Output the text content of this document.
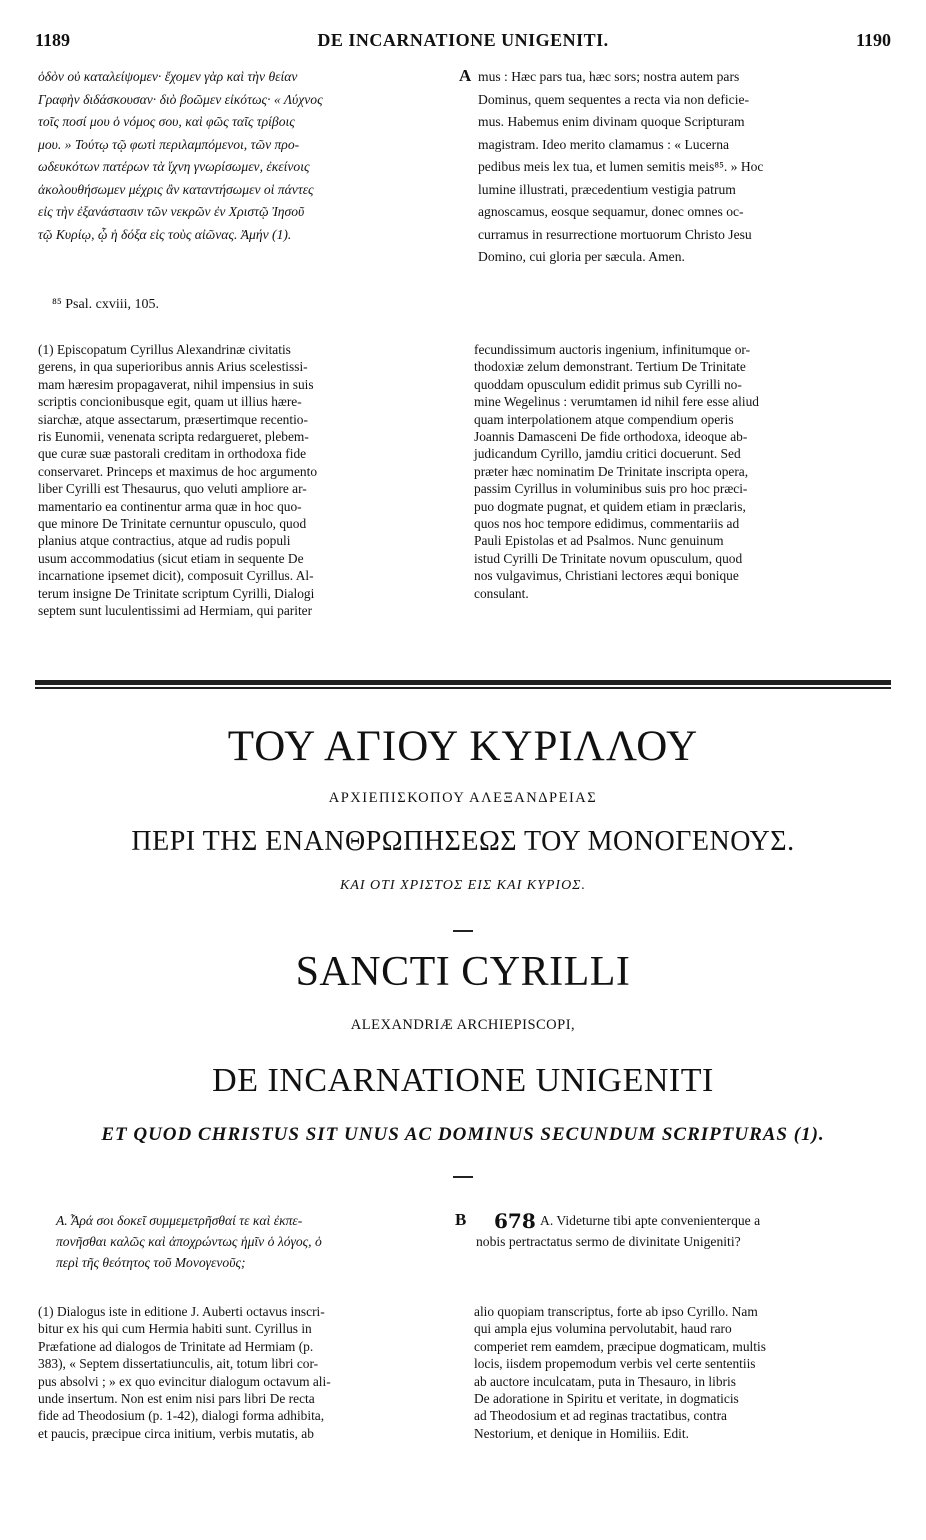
1189	DE INCARNATIONE UNIGENITI.	1190

ὁδὸν οὐ καταλείψομεν· ἔχομεν γὰρ καὶ τὴν θείαν

Γραφὴν διδάσκουσαν· διὸ βοῶμεν εἰκότως· « Λύχνος

τοῖς ποσί μου ὁ νόμος σου, καὶ φῶς ταῖς τρίβοις

μου. » Τούτῳ τῷ φωτὶ περιλαμπόμενοι, τῶν προ-

ωδευκότων πατέρων τὰ ἴχνη γνωρίσωμεν, ἐκείνοις

ἀκολουθήσωμεν μέχρις ἂν καταντήσωμεν οἱ πάντες

εἰς τὴν ἐξανάστασιν τῶν νεκρῶν ἐν Χριστῷ Ἰησοῦ

τῷ Κυρίῳ, ᾧ ἡ δόξα εἰς τοὺς αἰῶνας. Ἀμήν (1).

A mus : Hæc pars tua, hæc sors; nostra autem pars

Dominus, quem sequentes a recta via non deficie-

mus. Habemus enim divinam quoque Scripturam

magistram. Ideo merito clamamus : « Lucerna

pedibus meis lex tua, et lumen semitis meis⁸⁵. » Hoc

lumine illustrati, præcedentium vestigia patrum

agnoscamus, eosque sequamur, donec omnes oc-

curramus in resurrectione mortuorum Christo Jesu

Domino, cui gloria per sæcula. Amen.

⁸⁵ Psal. cxviii, 105.

(1) Episcopatum Cyrillus Alexandrinæ civitatis

gerens, in qua superioribus annis Arius scelestissi-

mam hæresim propagaverat, nihil impensius in suis

scriptis concionibusque egit, quam ut illius hære-

siarchæ, atque assectarum, præsertimque recentio-

ris Eunomii, venenata scripta redargueret, plebem-

que curæ suæ pastorali creditam in orthodoxa fide

conservaret. Princeps et maximus de hoc argumento

liber Cyrilli est Thesaurus, quo veluti ampliore ar-

mamentario ea continentur arma quæ in hoc quo-

que minore De Trinitate cernuntur opusculo, quod

planius atque contractius, atque ad rudis populi

usum accommodatius (sicut etiam in sequente De

incarnatione ipsemet dicit), composuit Cyrillus. Al-

terum insigne De Trinitate scriptum Cyrilli, Dialogi

septem sunt luculentissimi ad Hermiam, qui pariter

fecundissimum auctoris ingenium, infinitumque or-

thodoxiæ zelum demonstrant. Tertium De Trinitate

quoddam opusculum edidit primus sub Cyrilli no-

mine Wegelinus : verumtamen id nihil fere esse aliud

quam interpolationem atque compendium operis

Joannis Damasceni De fide orthodoxa, ideoque ab-

judicandum Cyrillo, jamdiu critici docuerunt. Sed

præter hæc nominatim De Trinitate inscripta opera,

passim Cyrillus in voluminibus suis pro hoc præci-

puo dogmate pugnat, et quidem etiam in præclaris,

quos nos hoc tempore edidimus, commentariis ad

Pauli Epistolas et ad Psalmos. Nunc genuinum

istud Cyrilli De Trinitate novum opusculum, quod

nos vulgavimus, Christiani lectores æqui bonique

consulant.

ΤΟΥ ΑΓΙΟΥ ΚΥΡΙΛΛΟΥ
ΑΡΧΙΕΠΙΣΚΟΠΟΥ ΑΛΕΞΑΝΔΡΕΙΑΣ
ΠΕΡΙ ΤΗΣ ΕΝΑΝΘΡΩΠΗΣΕΩΣ ΤΟΥ ΜΟΝΟΓΕΝΟΥΣ.
ΚΑΙ ΟΤΙ ΧΡΙΣΤΟΣ ΕΙΣ ΚΑΙ ΚΥΡΙΟΣ.
SANCTI CYRILLI
ALEXANDRIÆ ARCHIEPISCOPI,
DE INCARNATIONE UNIGENITI
ET QUOD CHRISTUS SIT UNUS AC DOMINUS SECUNDUM SCRIPTURAS (1).

Α. Ἆρά σοι δοκεῖ συμμεμετρῆσθαί τε καὶ ἐκπε-

πονῆσθαι καλῶς καὶ ἀποχρώντως ἡμῖν ὁ λόγος, ὁ

περὶ τῆς θεότητος τοῦ Μονογενοῦς;

B 678 A. Videturne tibi apte convenienterque a

nobis pertractatus sermo de divinitate Unigeniti?

(1) Dialogus iste in editione J. Auberti octavus inscri-

bitur ex his qui cum Hermia habiti sunt. Cyrillus in

Præfatione ad dialogos de Trinitate ad Hermiam (p.

383), « Septem dissertatiunculis, ait, totum libri cor-

pus absolvi ; » ex quo evincitur dialogum octavum ali-

unde insertum. Non est enim nisi pars libri De recta

fide ad Theodosium (p. 1-42), dialogi forma adhibita,

et paucis, præcipue circa initium, verbis mutatis, ab

alio quopiam transcriptus, forte ab ipso Cyrillo. Nam

qui ampla ejus volumina pervolutabit, haud raro

comperiet rem eamdem, præcipue dogmaticam, multis

locis, iisdem propemodum verbis vel certe sententiis

ab auctore inculcatam, puta in Thesauro, in libris

De adoratione in Spiritu et veritate, in dogmaticis

ad Theodosium et ad reginas tractatibus, contra

Nestorium, et denique in Homiliis. Edit.
